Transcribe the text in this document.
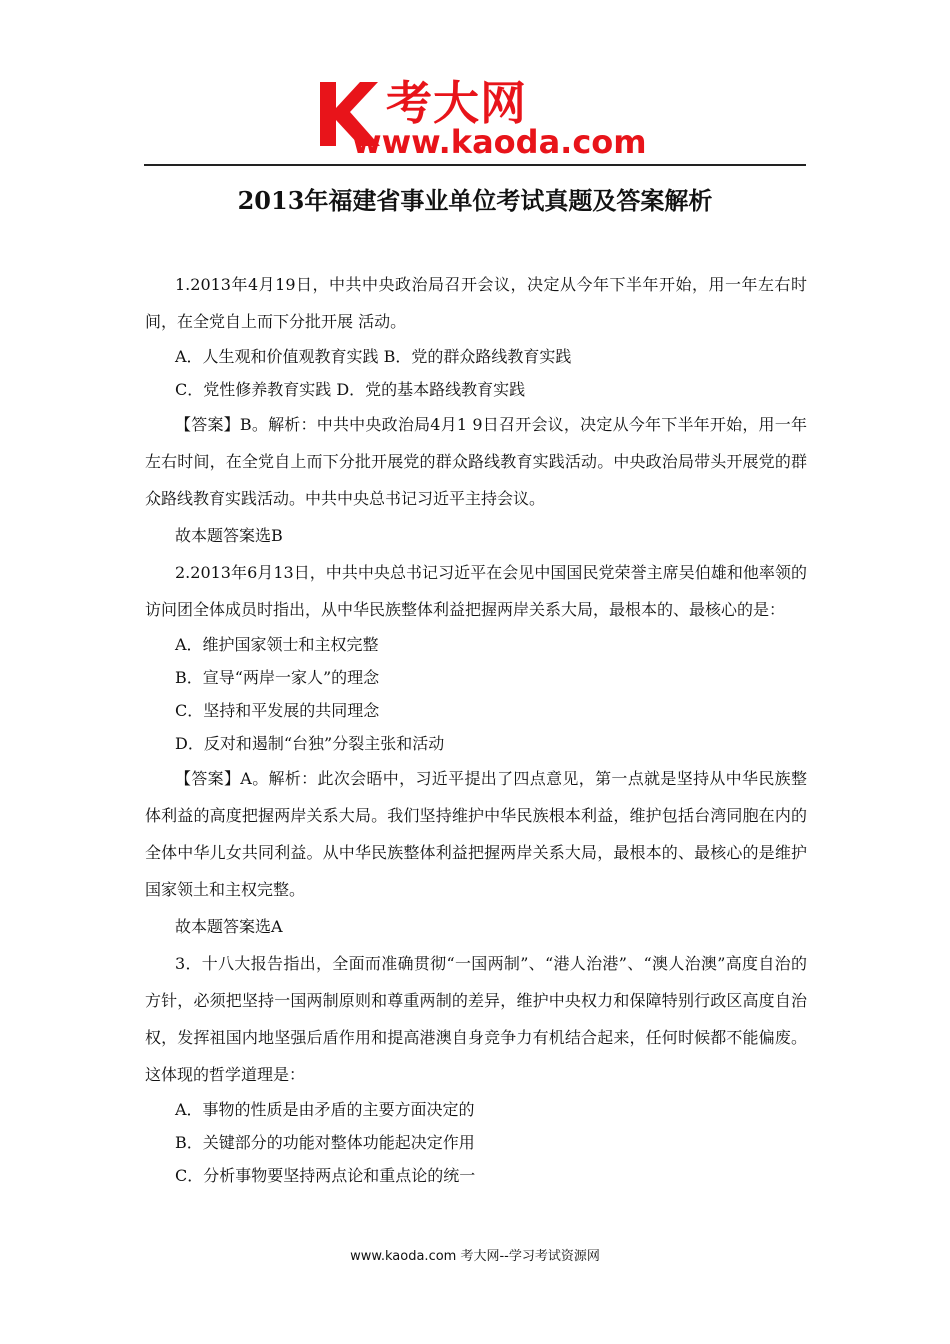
考大网
www.kaoda.com
2013年福建省事业单位考试真题及答案解析

1.2013年4月19日，中共中央政治局召开会议，决定从今年下半年开始，用一年左右时间，在全党自上而下分批开展 活动。

A．人生观和价值观教育实践 B．党的群众路线教育实践

C．党性修养教育实践 D．党的基本路线教育实践

【答案】B。解析：中共中央政治局4月1 9日召开会议，决定从今年下半年开始，用一年左右时间，在全党自上而下分批开展党的群众路线教育实践活动。中央政治局带头开展党的群众路线教育实践活动。中共中央总书记习近平主持会议。

故本题答案选B

2.2013年6月13日，中共中央总书记习近平在会见中国国民党荣誉主席吴伯雄和他率领的访问团全体成员时指出，从中华民族整体利益把握两岸关系大局，最根本的、最核心的是：

A．维护国家领士和主权完整

B．宣导“两岸一家人”的理念

C．坚持和平发展的共同理念

D．反对和遏制“台独”分裂主张和活动

【答案】A。解析：此次会晤中，习近平提出了四点意见，第一点就是坚持从中华民族整体利益的高度把握两岸关系大局。我们坚持维护中华民族根本利益，维护包括台湾同胞在内的全体中华儿女共同利益。从中华民族整体利益把握两岸关系大局，最根本的、最核心的是维护国家领土和主权完整。

故本题答案选A

3．十八大报告指出，全面而准确贯彻“一国两制”、“港人治港”、“澳人治澳”高度自治的方针，必须把坚持一国两制原则和尊重两制的差异，维护中央权力和保障特别行政区高度自治权，发挥祖国内地坚强后盾作用和提高港澳自身竞争力有机结合起来，任何时候都不能偏废。这体现的哲学道理是：

A．事物的性质是由矛盾的主要方面决定的

B．关键部分的功能对整体功能起决定作用

C．分析事物要坚持两点论和重点论的统一

www.kaoda.com 考大网--学习考试资源网
